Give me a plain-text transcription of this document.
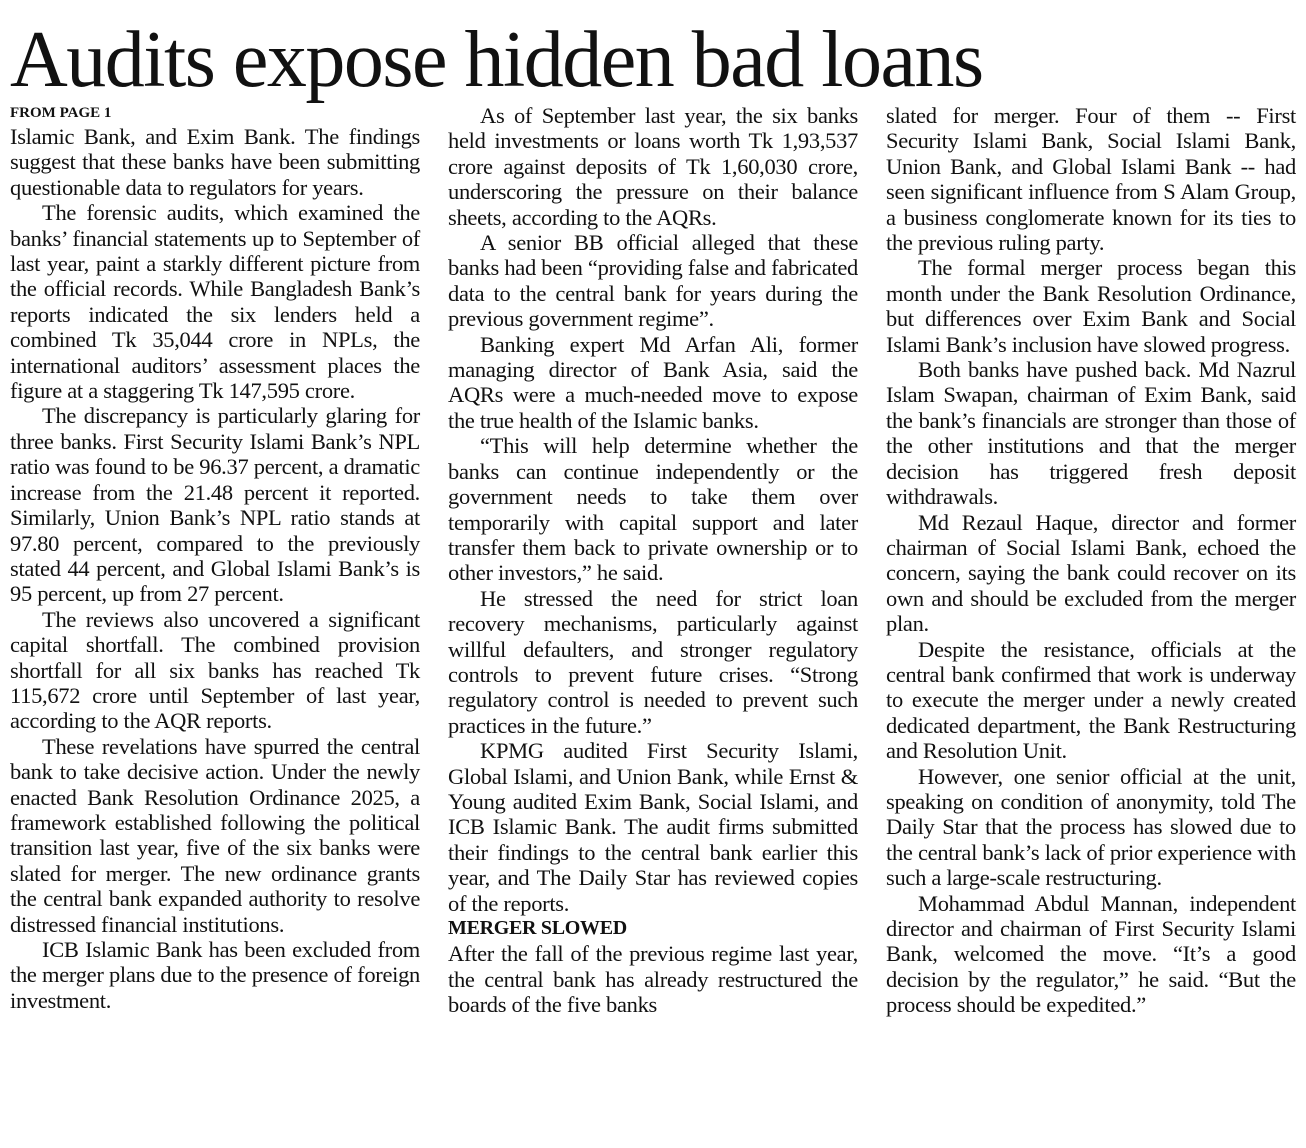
Audits expose hidden bad loans
FROM PAGE 1

Islamic Bank, and Exim Bank. The findings suggest that these banks have been submitting questionable data to regulators for years.

The forensic audits, which examined the banks’ financial statements up to September of last year, paint a starkly different picture from the official records. While Bangladesh Bank’s reports indicated the six lenders held a combined Tk 35,044 crore in NPLs, the international auditors’ assessment places the figure at a staggering Tk 147,595 crore.

The discrepancy is particularly glaring for three banks. First Security Islami Bank’s NPL ratio was found to be 96.37 percent, a dramatic increase from the 21.48 percent it reported. Similarly, Union Bank’s NPL ratio stands at 97.80 percent, compared to the previously stated 44 percent, and Global Islami Bank’s is 95 percent, up from 27 percent.

The reviews also uncovered a significant capital shortfall. The combined provision shortfall for all six banks has reached Tk 115,672 crore until September of last year, according to the AQR reports.

These revelations have spurred the central bank to take decisive action. Under the newly enacted Bank Resolution Ordinance 2025, a framework established following the political transition last year, five of the six banks were slated for merger. The new ordinance grants the central bank expanded authority to resolve distressed financial institutions.

ICB Islamic Bank has been excluded from the merger plans due to the presence of foreign investment.

As of September last year, the six banks held investments or loans worth Tk 1,93,537 crore against deposits of Tk 1,60,030 crore, underscoring the pressure on their balance sheets, according to the AQRs.

A senior BB official alleged that these banks had been “providing false and fabricated data to the central bank for years during the previous government regime”.

Banking expert Md Arfan Ali, former managing director of Bank Asia, said the AQRs were a much-needed move to expose the true health of the Islamic banks.

“This will help determine whether the banks can continue independently or the government needs to take them over temporarily with capital support and later transfer them back to private ownership or to other investors,” he said.

He stressed the need for strict loan recovery mechanisms, particularly against willful defaulters, and stronger regulatory controls to prevent future crises. “Strong regulatory control is needed to prevent such practices in the future.”

KPMG audited First Security Islami, Global Islami, and Union Bank, while Ernst & Young audited Exim Bank, Social Islami, and ICB Islamic Bank. The audit firms submitted their findings to the central bank earlier this year, and The Daily Star has reviewed copies of the reports.

MERGER SLOWED

After the fall of the previous regime last year, the central bank has already restructured the boards of the five banks

slated for merger. Four of them -- First Security Islami Bank, Social Islami Bank, Union Bank, and Global Islami Bank -- had seen significant influence from S Alam Group, a business conglomerate known for its ties to the previous ruling party.

The formal merger process began this month under the Bank Resolution Ordinance, but differences over Exim Bank and Social Islami Bank’s inclusion have slowed progress.

Both banks have pushed back. Md Nazrul Islam Swapan, chairman of Exim Bank, said the bank’s financials are stronger than those of the other institutions and that the merger decision has triggered fresh deposit withdrawals.

Md Rezaul Haque, director and former chairman of Social Islami Bank, echoed the concern, saying the bank could recover on its own and should be excluded from the merger plan.

Despite the resistance, officials at the central bank confirmed that work is underway to execute the merger under a newly created dedicated department, the Bank Restructuring and Resolution Unit.

However, one senior official at the unit, speaking on condition of anonymity, told The Daily Star that the process has slowed due to the central bank’s lack of prior experience with such a large-scale restructuring.

Mohammad Abdul Mannan, independent director and chairman of First Security Islami Bank, welcomed the move. “It’s a good decision by the regulator,” he said. “But the process should be expedited.”
